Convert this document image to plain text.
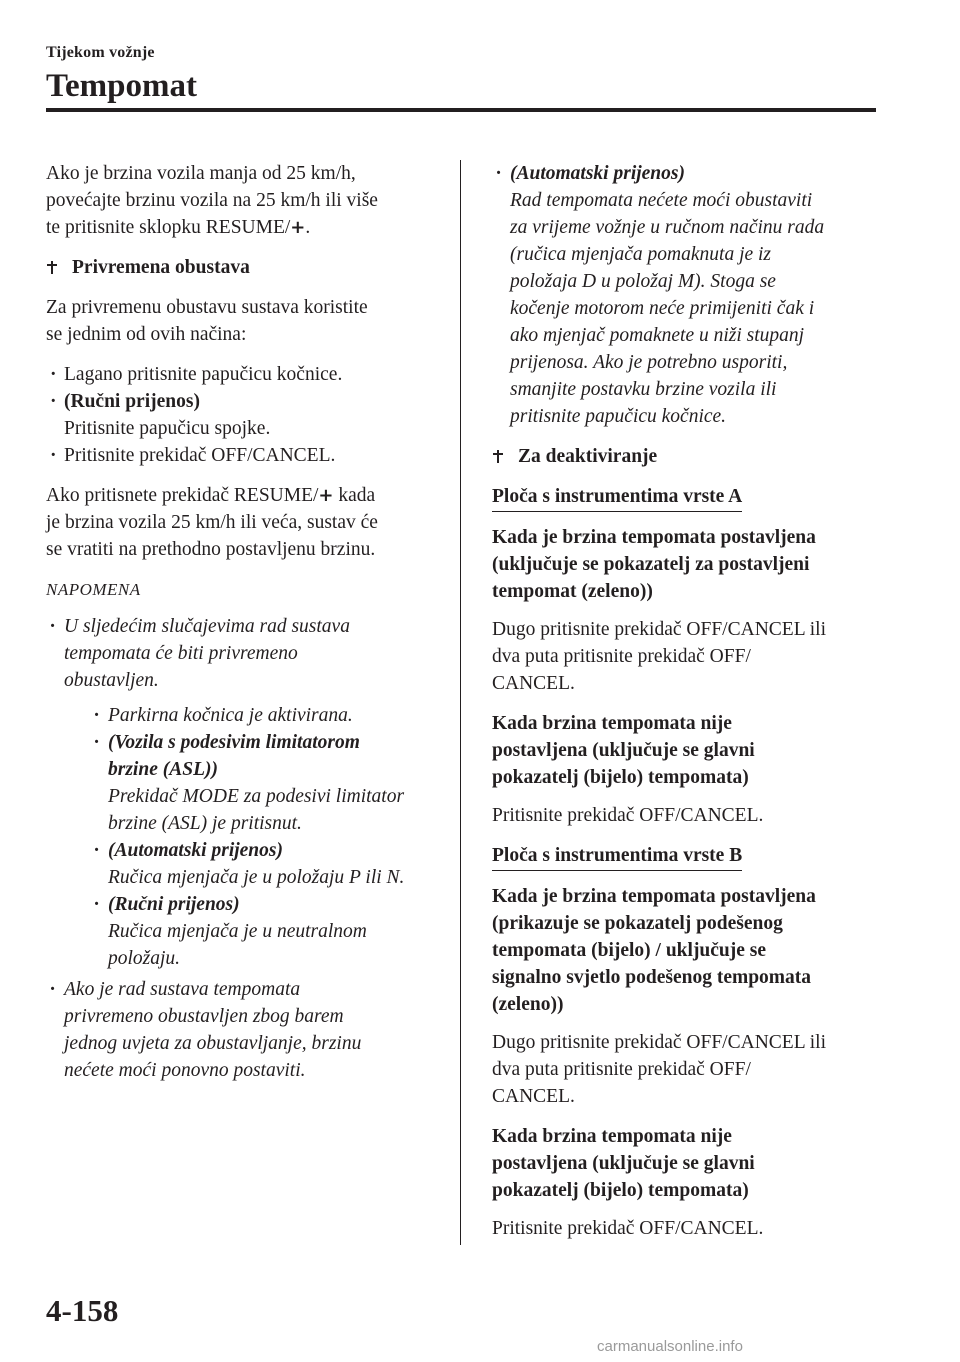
Tijekom vožnje
Tempomat

Ako je brzina vozila manja od 25 km/h,
povećajte brzinu vozila na 25 km/h ili više
te pritisnite sklopku RESUME/+.

Privremena obustava

Za privremenu obustavu sustava koristite
se jednim od ovih načina:

· Lagano pritisnite papučicu kočnice.
· (Ručni prijenos)
Pritisnite papučicu spojke.
· Pritisnite prekidač OFF/CANCEL.

Ako pritisnete prekidač RESUME/+ kada
je brzina vozila 25 km/h ili veća, sustav će
se vratiti na prethodno postavljenu brzinu.

NAPOMENA

· U sljedećim slučajevima rad sustava
tempomata će biti privremeno
obustavljen.
· Parkirna kočnica je aktivirana.
· (Vozila s podesivim limitatorom
brzine (ASL))
Prekidač MODE za podesivi limitator
brzine (ASL) je pritisnut.
· (Automatski prijenos)
Ručica mjenjača je u položaju P ili N.
· (Ručni prijenos)
Ručica mjenjača je u neutralnom
položaju.
· Ako je rad sustava tempomata
privremeno obustavljen zbog barem
jednog uvjeta za obustavljanje, brzinu
nećete moći ponovno postaviti.
· (Automatski prijenos)
Rad tempomata nećete moći obustaviti
za vrijeme vožnje u ručnom načinu rada
(ručica mjenjača pomaknuta je iz
položaja D u položaj M). Stoga se
kočenje motorom neće primijeniti čak i
ako mjenjač pomaknete u niži stupanj
prijenosa. Ako je potrebno usporiti,
smanjite postavku brzine vozila ili
pritisnite papučicu kočnice.
Za deaktiviranje
Ploča s instrumentima vrste A

Kada je brzina tempomata postavljena
(uključuje se pokazatelj za postavljeni
tempomat (zeleno))

Dugo pritisnite prekidač OFF/CANCEL ili
dva puta pritisnite prekidač OFF/
CANCEL.

Kada brzina tempomata nije
postavljena (uključuje se glavni
pokazatelj (bijelo) tempomata)

Pritisnite prekidač OFF/CANCEL.

Ploča s instrumentima vrste B

Kada je brzina tempomata postavljena
(prikazuje se pokazatelj podešenog
tempomata (bijelo) / uključuje se
signalno svjetlo podešenog tempomata
(zeleno))

Dugo pritisnite prekidač OFF/CANCEL ili
dva puta pritisnite prekidač OFF/
CANCEL.

Kada brzina tempomata nije
postavljena (uključuje se glavni
pokazatelj (bijelo) tempomata)

Pritisnite prekidač OFF/CANCEL.

4-158
carmanualsonline.info
